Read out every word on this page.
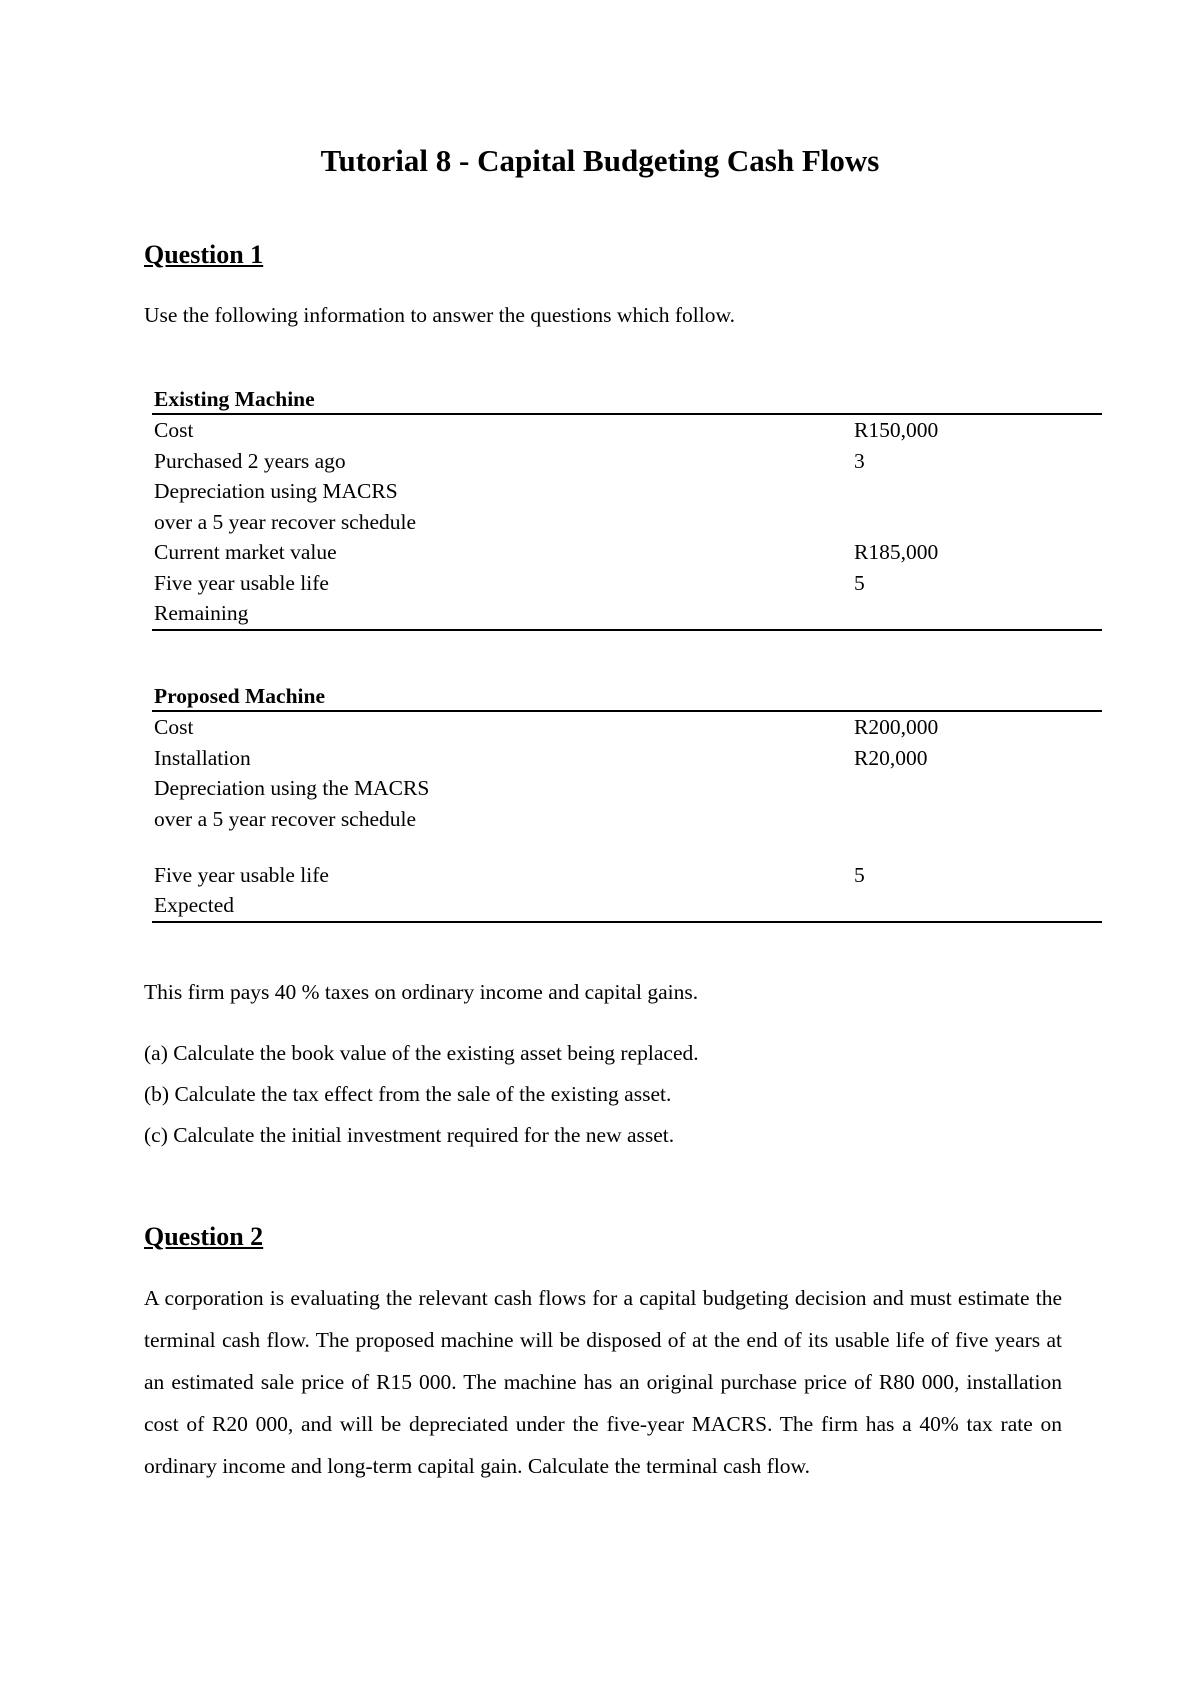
Tutorial 8 - Capital Budgeting Cash Flows
Question 1

Use the following information to answer the questions which follow.

Existing Machine
Cost	R150,000
Purchased 2 years ago	3
Depreciation using MACRS
over a 5 year recover schedule
Current market value	R185,000
Five year usable life	5
Remaining
Proposed Machine
Cost	R200,000
Installation	R20,000
Depreciation using the MACRS
over a 5 year recover schedule
Five year usable life	5
Expected

This firm pays 40 % taxes on ordinary income and capital gains.

(a) Calculate the book value of the existing asset being replaced.

(b) Calculate the tax effect from the sale of the existing asset.

(c) Calculate the initial investment required for the new asset.

Question 2

A corporation is evaluating the relevant cash flows for a capital budgeting decision and must estimate the terminal cash flow. The proposed machine will be disposed of at the end of its usable life of five years at an estimated sale price of R15 000. The machine has an original purchase price of R80 000, installation cost of R20 000, and will be depreciated under the five-year MACRS. The firm has a 40% tax rate on ordinary income and long-term capital gain. Calculate the terminal cash flow.
